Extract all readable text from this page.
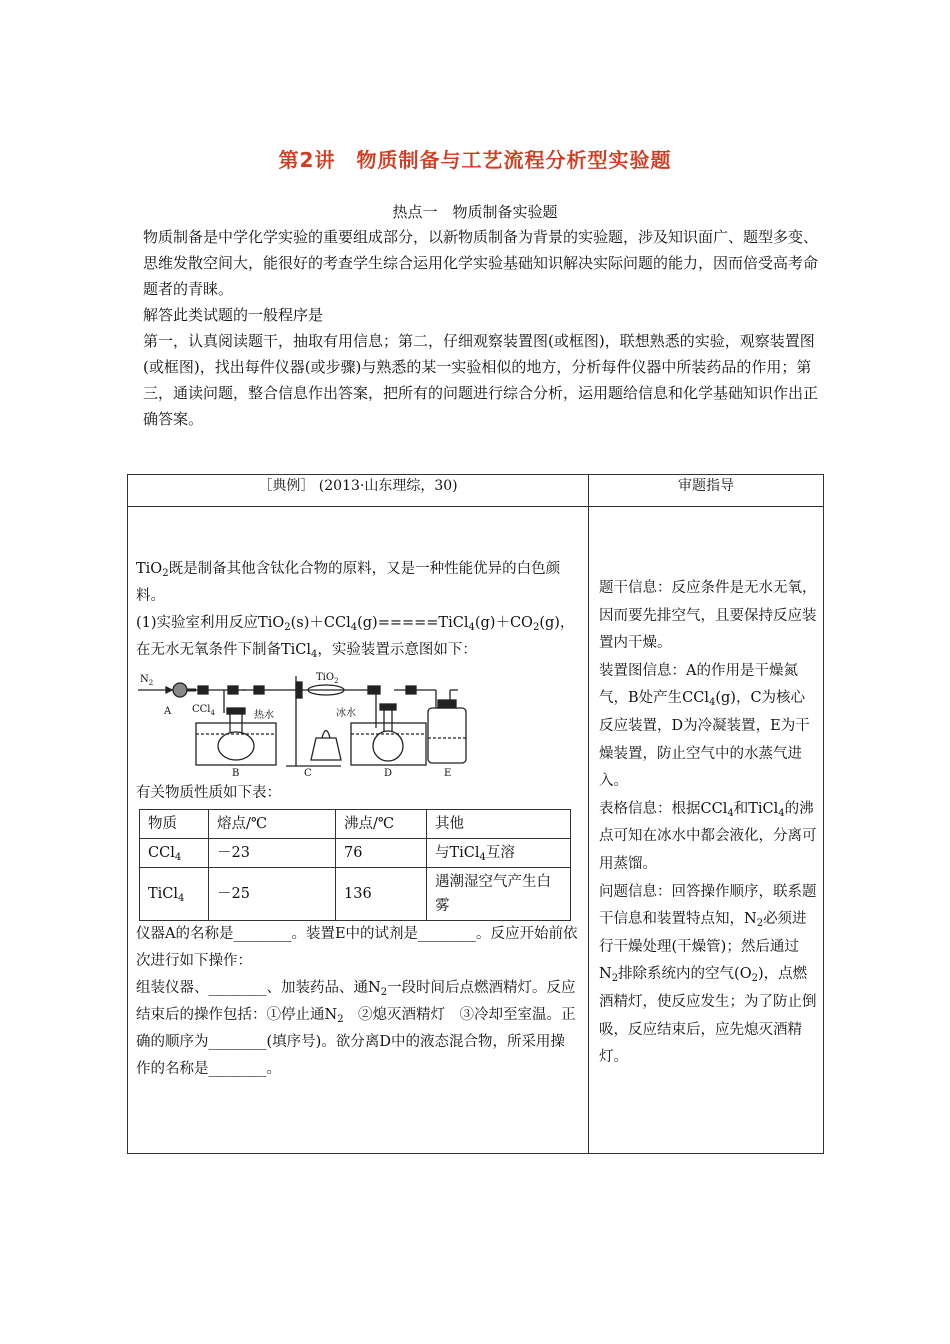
第2讲　物质制备与工艺流程分析型实验题
热点一　物质制备实验题

物质制备是中学化学实验的重要组成部分，以新物质制备为背景的实验题，涉及知识面广、题型多变、思维发散空间大，能很好的考查学生综合运用化学实验基础知识解决实际问题的能力，因而倍受高考命题者的青睐。

解答此类试题的一般程序是

第一，认真阅读题干，抽取有用信息；第二，仔细观察装置图(或框图)，联想熟悉的实验，观察装置图(或框图)，找出每件仪器(或步骤)与熟悉的某一实验相似的地方，分析每件仪器中所装药品的作用；第三，通读问题，整合信息作出答案，把所有的问题进行综合分析，运用题给信息和化学基础知识作出正确答案。

［典例］ (2013·山东理综，30)	审题指导

TiO$_2$既是制备其他含钛化合物的原料，又是一种性能优异的白色颜料。

(1)实验室利用反应$TiO_2(s)+CCl_4(g)=====TiCl_4(g)+CO_2(g)$，在无水无氧条件下制备TiCl$_4$，实验装置示意图如下：

$N_2$
A CCl$_4$	热水
TiO$_2$
冰水
B	C	D	E

有关物质性质如下表：

物质	熔点/℃	沸点/℃	其他
CCl$_4$	－23	76	与TiCl$_4$互溶
TiCl$_4$	－25	136	遇潮湿空气产生白雾

仪器A的名称是________。装置E中的试剂是________。反应开始前依次进行如下操作：

组装仪器、________、加装药品、通$N_2$一段时间后点燃酒精灯。反应结束后的操作包括：①停止通$N_2$　②熄灭酒精灯　③冷却至室温。正确的顺序为________(填序号)。欲分离D中的液态混合物，所采用操作的名称是________。

题干信息：反应条件是无水无氧，因而要先排空气，且要保持反应装置内干燥。

装置图信息：A的作用是干燥氮气，B处产生CCl$_4$(g)，C为核心反应装置，D为冷凝装置，E为干燥装置，防止空气中的水蒸气进入。

表格信息：根据CCl$_4$和TiCl$_4$的沸点可知在冰水中都会液化，分离可用蒸馏。

问题信息：回答操作顺序，联系题干信息和装置特点知，$N_2$必须进行干燥处理(干燥管)；然后通过$N_2$排除系统内的空气$(O_2)$，点燃酒精灯，使反应发生；为了防止倒吸，反应结束后，应先熄灭酒精灯。
